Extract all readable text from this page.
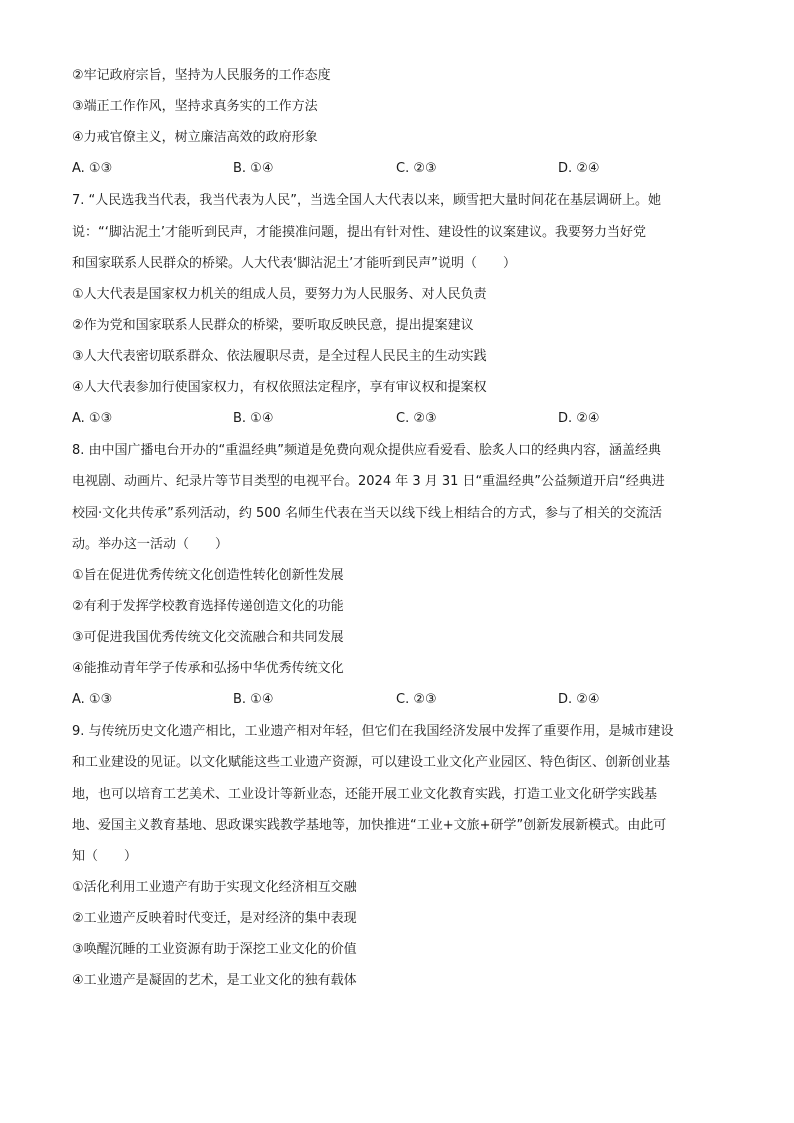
②牢记政府宗旨，坚持为人民服务的工作态度
③端正工作作风，坚持求真务实的工作方法
④力戒官僚主义，树立廉洁高效的政府形象
A. ①③	B. ①④	C. ②③	D. ②④
7. “人民选我当代表，我当代表为人民”，当选全国人大代表以来，顾雪把大量时间花在基层调研上。她
说：“‘脚沾泥土’才能听到民声，才能摸准问题，提出有针对性、建设性的议案建议。我要努力当好党
和国家联系人民群众的桥梁。人大代表‘脚沾泥土’才能听到民声”说明（　　）
①人大代表是国家权力机关的组成人员，要努力为人民服务、对人民负责
②作为党和国家联系人民群众的桥梁，要听取反映民意，提出提案建议
③人大代表密切联系群众、依法履职尽责，是全过程人民民主的生动实践
④人大代表参加行使国家权力，有权依照法定程序，享有审议权和提案权
A. ①③	B. ①④	C. ②③	D. ②④
8. 由中国广播电台开办的“重温经典”频道是免费向观众提供应看爱看、脍炙人口的经典内容，涵盖经典
电视剧、动画片、纪录片等节目类型的电视平台。2024 年 3 月 31 日“重温经典”公益频道开启“经典进
校园·文化共传承”系列活动，约 500 名师生代表在当天以线下线上相结合的方式，参与了相关的交流活
动。举办这一活动（　　）
①旨在促进优秀传统文化创造性转化创新性发展
②有利于发挥学校教育选择传递创造文化的功能
③可促进我国优秀传统文化交流融合和共同发展
④能推动青年学子传承和弘扬中华优秀传统文化
A. ①③	B. ①④	C. ②③	D. ②④
9. 与传统历史文化遗产相比，工业遗产相对年轻，但它们在我国经济发展中发挥了重要作用，是城市建设
和工业建设的见证。以文化赋能这些工业遗产资源，可以建设工业文化产业园区、特色街区、创新创业基
地，也可以培育工艺美术、工业设计等新业态，还能开展工业文化教育实践，打造工业文化研学实践基
地、爱国主义教育基地、思政课实践教学基地等，加快推进“工业+文旅+研学”创新发展新模式。由此可
知（　　）
①活化利用工业遗产有助于实现文化经济相互交融
②工业遗产反映着时代变迁，是对经济的集中表现
③唤醒沉睡的工业资源有助于深挖工业文化的价值
④工业遗产是凝固的艺术，是工业文化的独有载体
